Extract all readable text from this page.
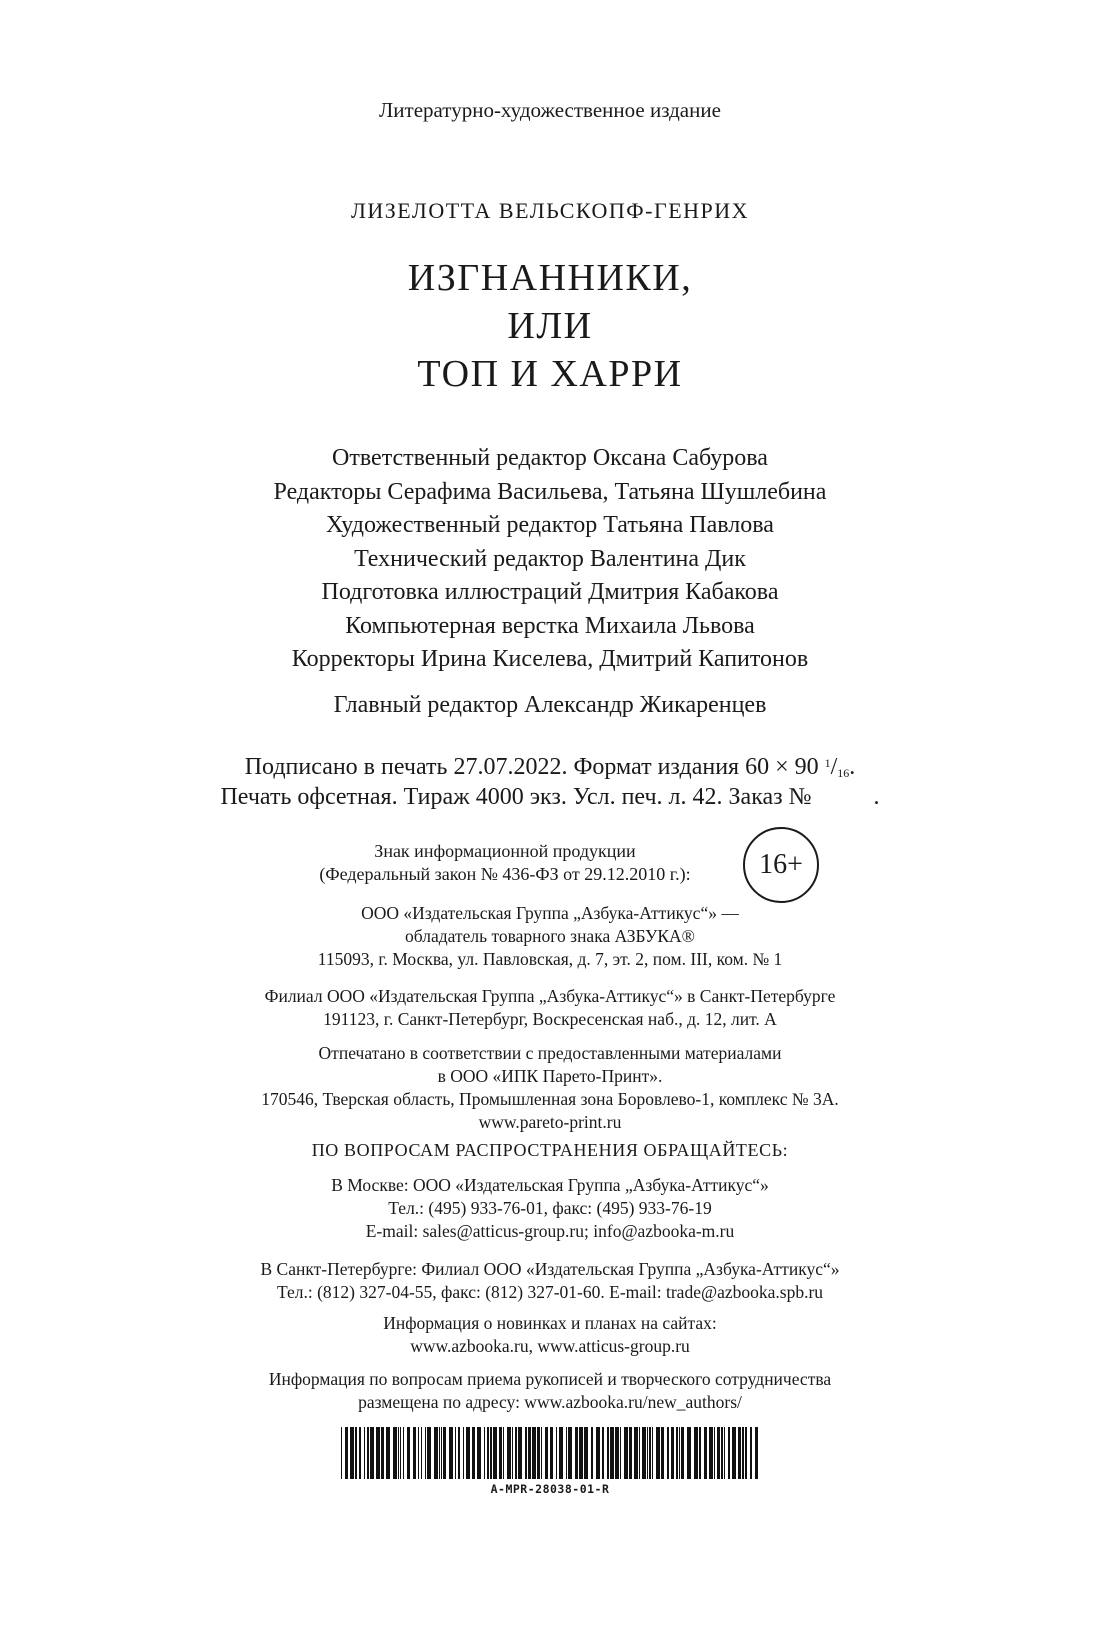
Литературно-художественное издание
ЛИЗЕЛОТТА ВЕЛЬСКОПФ-ГЕНРИХ
ИЗГНАННИКИ,
ИЛИ
ТОП И ХАРРИ
Ответственный редактор Оксана Сабурова
Редакторы Серафима Васильева, Татьяна Шушлебина
Художественный редактор Татьяна Павлова
Технический редактор Валентина Дик
Подготовка иллюстраций Дмитрия Кабакова
Компьютерная верстка Михаила Львова
Корректоры Ирина Киселева, Дмитрий Капитонов
Главный редактор Александр Жикаренцев
Подписано в печать 27.07.2022. Формат издания 60 × 90 $^1/_{16}$.
Печать офсетная. Тираж 4000 экз. Усл. печ. л. 42. Заказ №	.
Знак информационной продукции
(Федеральный закон № 436-ФЗ от 29.12.2010 г.):	16+
ООО «Издательская Группа „Азбука-Аттикус“» —
обладатель товарного знака АЗБУКА®
115093, г. Москва, ул. Павловская, д. 7, эт. 2, пом. III, ком. № 1
Филиал ООО «Издательская Группа „Азбука-Аттикус“» в Санкт-Петербурге
191123, г. Санкт-Петербург, Воскресенская наб., д. 12, лит. А
Отпечатано в соответствии с предоставленными материалами
в ООО «ИПК Парето-Принт».
170546, Тверская область, Промышленная зона Боровлево-1, комплекс № 3А.
www.pareto-print.ru
ПО ВОПРОСАМ РАСПРОСТРАНЕНИЯ ОБРАЩАЙТЕСЬ:
В Москве: ООО «Издательская Группа „Азбука-Аттикус“»
Тел.: (495) 933-76-01, факс: (495) 933-76-19
E-mail: sales@atticus-group.ru; info@azbooka-m.ru
В Санкт-Петербурге: Филиал ООО «Издательская Группа „Азбука-Аттикус“»
Тел.: (812) 327-04-55, факс: (812) 327-01-60. E-mail: trade@azbooka.spb.ru
Информация о новинках и планах на сайтах:
www.azbooka.ru, www.atticus-group.ru
Информация по вопросам приема рукописей и творческого сотрудничества
размещена по адресу: www.azbooka.ru/new_authors/
A-MPR-28038-01-R
